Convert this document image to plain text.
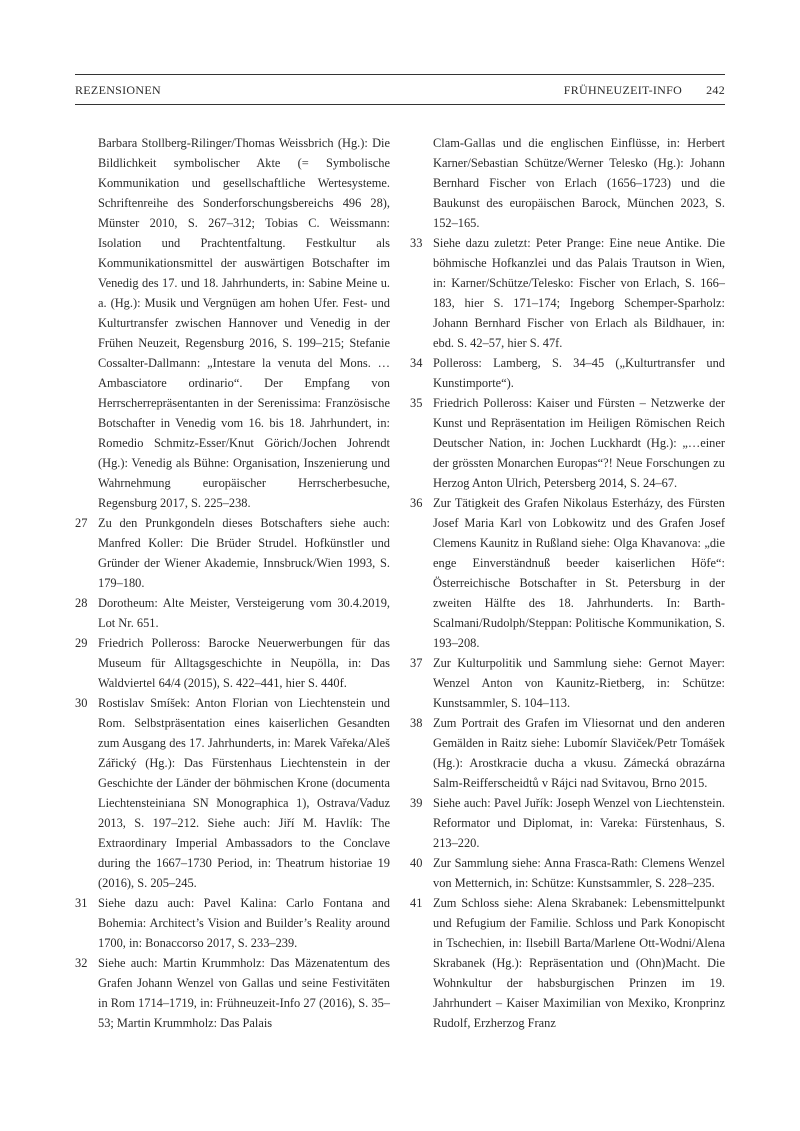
REZENSIONEN	FRÜHNEUZEIT-INFO 242
Barbara Stollberg-Rilinger/Thomas Weissbrich (Hg.): Die Bildlichkeit symbolischer Akte (= Symbolische Kommunikation und gesellschaftliche Wertesysteme. Schriftenreihe des Sonderforschungsbereichs 496 28), Münster 2010, S. 267–312; Tobias C. Weissmann: Isolation und Prachtentfaltung. Festkultur als Kommunikationsmittel der auswärtigen Botschafter im Venedig des 17. und 18. Jahrhunderts, in: Sabine Meine u. a. (Hg.): Musik und Vergnügen am hohen Ufer. Fest- und Kulturtransfer zwischen Hannover und Venedig in der Frühen Neuzeit, Regensburg 2016, S. 199–215; Stefanie Cossalter-Dallmann: „Intestare la venuta del Mons. … Ambasciatore ordinario“. Der Empfang von Herrscherrepräsentanten in der Serenissima: Französische Botschafter in Venedig vom 16. bis 18. Jahrhundert, in: Romedio Schmitz-Esser/Knut Görich/Jochen Johrendt (Hg.): Venedig als Bühne: Organisation, Inszenierung und Wahrnehmung europäischer Herrscherbesuche, Regensburg 2017, S. 225–238.
27 Zu den Prunkgondeln dieses Botschafters siehe auch: Manfred Koller: Die Brüder Strudel. Hofkünstler und Gründer der Wiener Akademie, Innsbruck/Wien 1993, S. 179–180.
28 Dorotheum: Alte Meister, Versteigerung vom 30.4.2019, Lot Nr. 651.
29 Friedrich Polleross: Barocke Neuerwerbungen für das Museum für Alltagsgeschichte in Neupölla, in: Das Waldviertel 64/4 (2015), S. 422–441, hier S. 440f.
30 Rostislav Smíšek: Anton Florian von Liechtenstein und Rom. Selbstpräsentation eines kaiserlichen Gesandten zum Ausgang des 17. Jahrhunderts, in: Marek Vařeka/Aleš Zářický (Hg.): Das Fürstenhaus Liechtenstein in der Geschichte der Länder der böhmischen Krone (documenta Liechtensteiniana SN Monographica 1), Ostrava/Vaduz 2013, S. 197–212. Siehe auch: Jiří M. Havlík: The Extraordinary Imperial Ambassadors to the Conclave during the 1667–1730 Period, in: Theatrum historiae 19 (2016), S. 205–245.
31 Siehe dazu auch: Pavel Kalina: Carlo Fontana and Bohemia: Architect’s Vision and Builder’s Reality around 1700, in: Bonaccorso 2017, S. 233–239.
32 Siehe auch: Martin Krummholz: Das Mäzenatentum des Grafen Johann Wenzel von Gallas und seine Festivitäten in Rom 1714–1719, in: Frühneuzeit-Info 27 (2016), S. 35–53; Martin Krummholz: Das Palais
Clam-Gallas und die englischen Einflüsse, in: Herbert Karner/Sebastian Schütze/Werner Telesko (Hg.): Johann Bernhard Fischer von Erlach (1656–1723) und die Baukunst des europäischen Barock, München 2023, S. 152–165.
33 Siehe dazu zuletzt: Peter Prange: Eine neue Antike. Die böhmische Hofkanzlei und das Palais Trautson in Wien, in: Karner/Schütze/Telesko: Fischer von Erlach, S. 166–183, hier S. 171–174; Ingeborg Schemper-Sparholz: Johann Bernhard Fischer von Erlach als Bildhauer, in: ebd. S. 42–57, hier S. 47f.
34 Polleross: Lamberg, S. 34–45 („Kulturtransfer und Kunstimporte“).
35 Friedrich Polleross: Kaiser und Fürsten – Netzwerke der Kunst und Repräsentation im Heiligen Römischen Reich Deutscher Nation, in: Jochen Luckhardt (Hg.): „…einer der grössten Monarchen Europas“?! Neue Forschungen zu Herzog Anton Ulrich, Petersberg 2014, S. 24–67.
36 Zur Tätigkeit des Grafen Nikolaus Esterházy, des Fürsten Josef Maria Karl von Lobkowitz und des Grafen Josef Clemens Kaunitz in Rußland siehe: Olga Khavanova: „die enge Einverständnuß beeder kaiserlichen Höfe“: Österreichische Botschafter in St. Petersburg in der zweiten Hälfte des 18. Jahrhunderts. In: Barth-Scalmani/Rudolph/Steppan: Politische Kommunikation, S. 193–208.
37 Zur Kulturpolitik und Sammlung siehe: Gernot Mayer: Wenzel Anton von Kaunitz-Rietberg, in: Schütze: Kunstsammler, S. 104–113.
38 Zum Portrait des Grafen im Vliesornat und den anderen Gemälden in Raitz siehe: Lubomír Slaviček/Petr Tomášek (Hg.): Arostkracie ducha a vkusu. Zámecká obrazárna Salm-Reifferscheidtů v Rájci nad Svitavou, Brno 2015.
39 Siehe auch: Pavel Juřík: Joseph Wenzel von Liechtenstein. Reformator und Diplomat, in: Vareka: Fürstenhaus, S. 213–220.
40 Zur Sammlung siehe: Anna Frasca-Rath: Clemens Wenzel von Metternich, in: Schütze: Kunstsammler, S. 228–235.
41 Zum Schloss siehe: Alena Skrabanek: Lebensmittelpunkt und Refugium der Familie. Schloss und Park Konopischt in Tschechien, in: Ilsebill Barta/Marlene Ott-Wodni/Alena Skrabanek (Hg.): Repräsentation und (Ohn)Macht. Die Wohnkultur der habsburgischen Prinzen im 19. Jahrhundert – Kaiser Maximilian von Mexiko, Kronprinz Rudolf, Erzherzog Franz
